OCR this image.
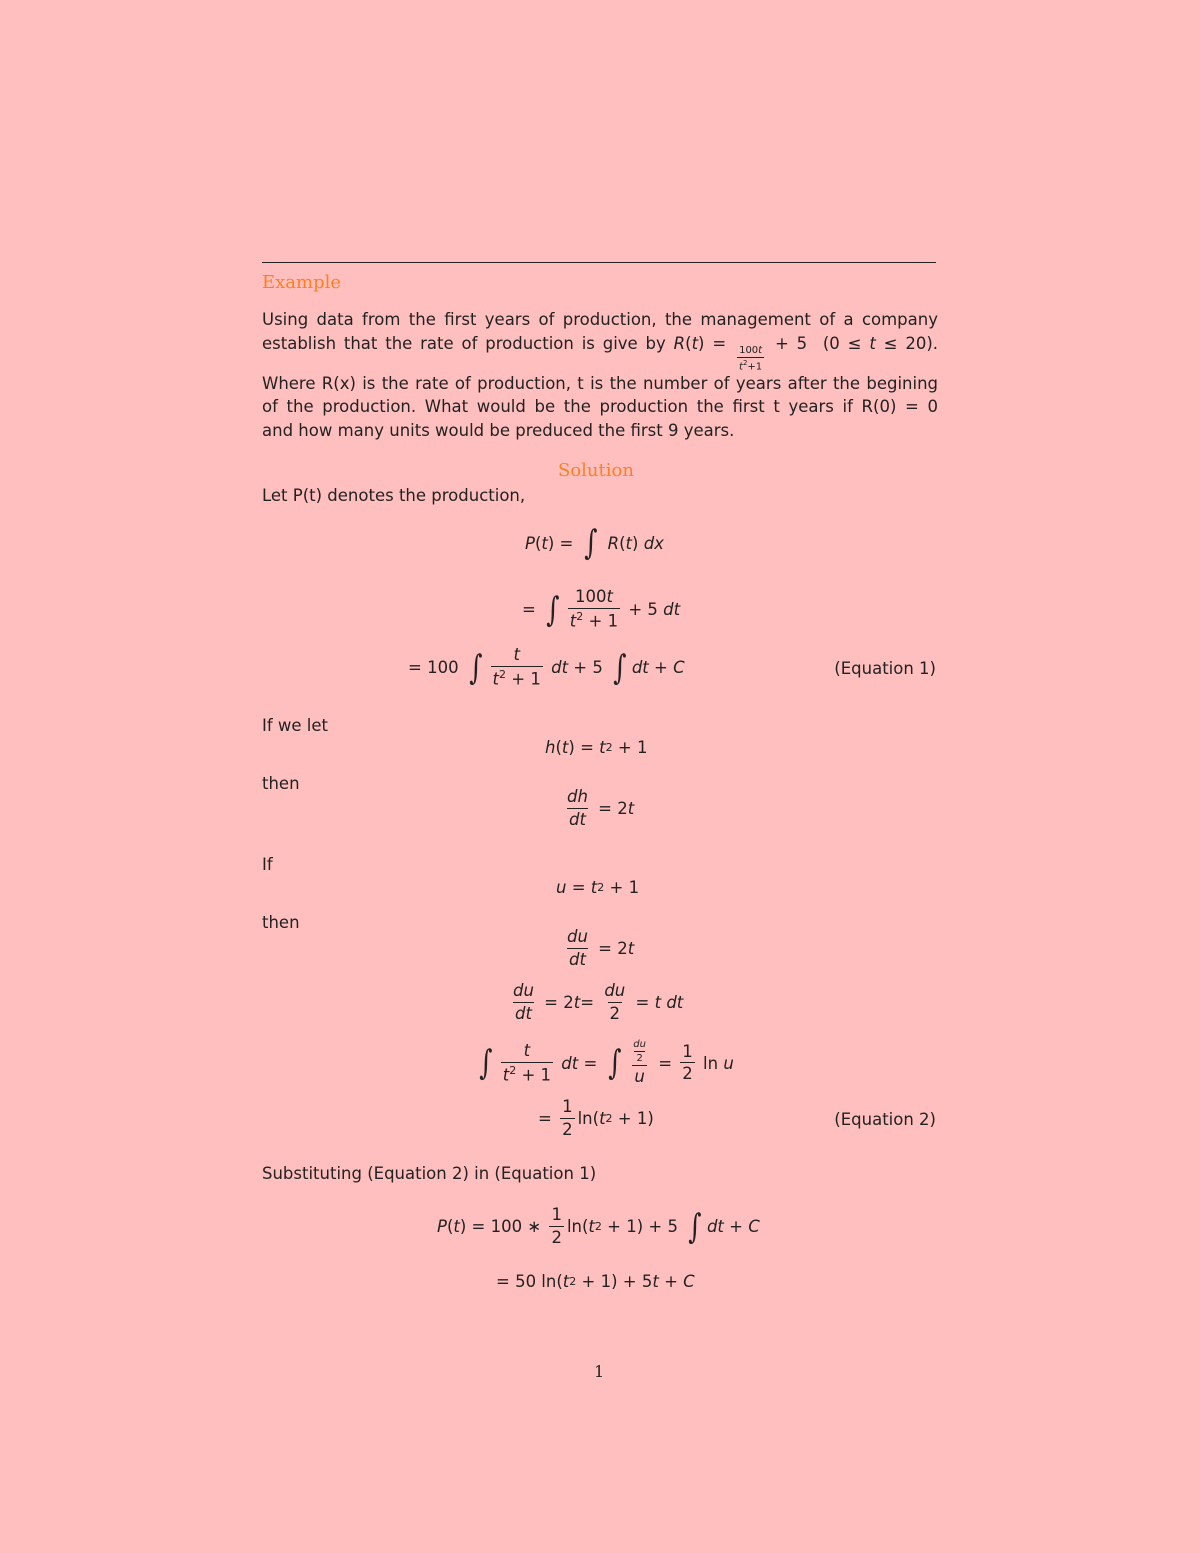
Example
Using data from the first years of production, the management of a company
establish that the rate of production is give by R(t) =
$\frac{100t}{t^2+1}$
+ 5  (0 ≤ t ≤ 20).
Where R(x) is the rate of production, t is the number of years after the begining
of the production. What would be the production the first t years if R(0) = 0
and how many units would be preduced the first 9 years.
Solution
Let P(t) denotes the production,
P ( t ) = ∫
R ( t ) dx
= ∫ $\frac{100t}{t^2 + 1} + 5$ dt
= 100 ∫ $\frac{t}{t^2 + 1}$
dt + 5 ∫ dt + C	(Equation 1)
If we let
h ( t ) = t 2 + 1
then
$\frac{dh}{dt} = 2$ t
If
u = t 2 + 1
then
$\frac{du}{dt} = 2$ t
$\frac{du}{dt} = 2$ $t = \frac{du}{2} = t$
dt
∫ $\frac{t}{t^2 + 1}$
dt = ∫ $\frac{\frac{du}{2}}{u} = \frac{1}{2}$ ln u
= $\frac{1}{2} \ln$( t 2 + 1)	(Equation 2)
Substituting (Equation 2) in (Equation 1)
P ( t ) = 100 ∗ $\frac{1}{2} \ln$( t 2 + 1) + 5 ∫ dt + C
= 50 ln( t 2 + 1) + 5 t + C
1
